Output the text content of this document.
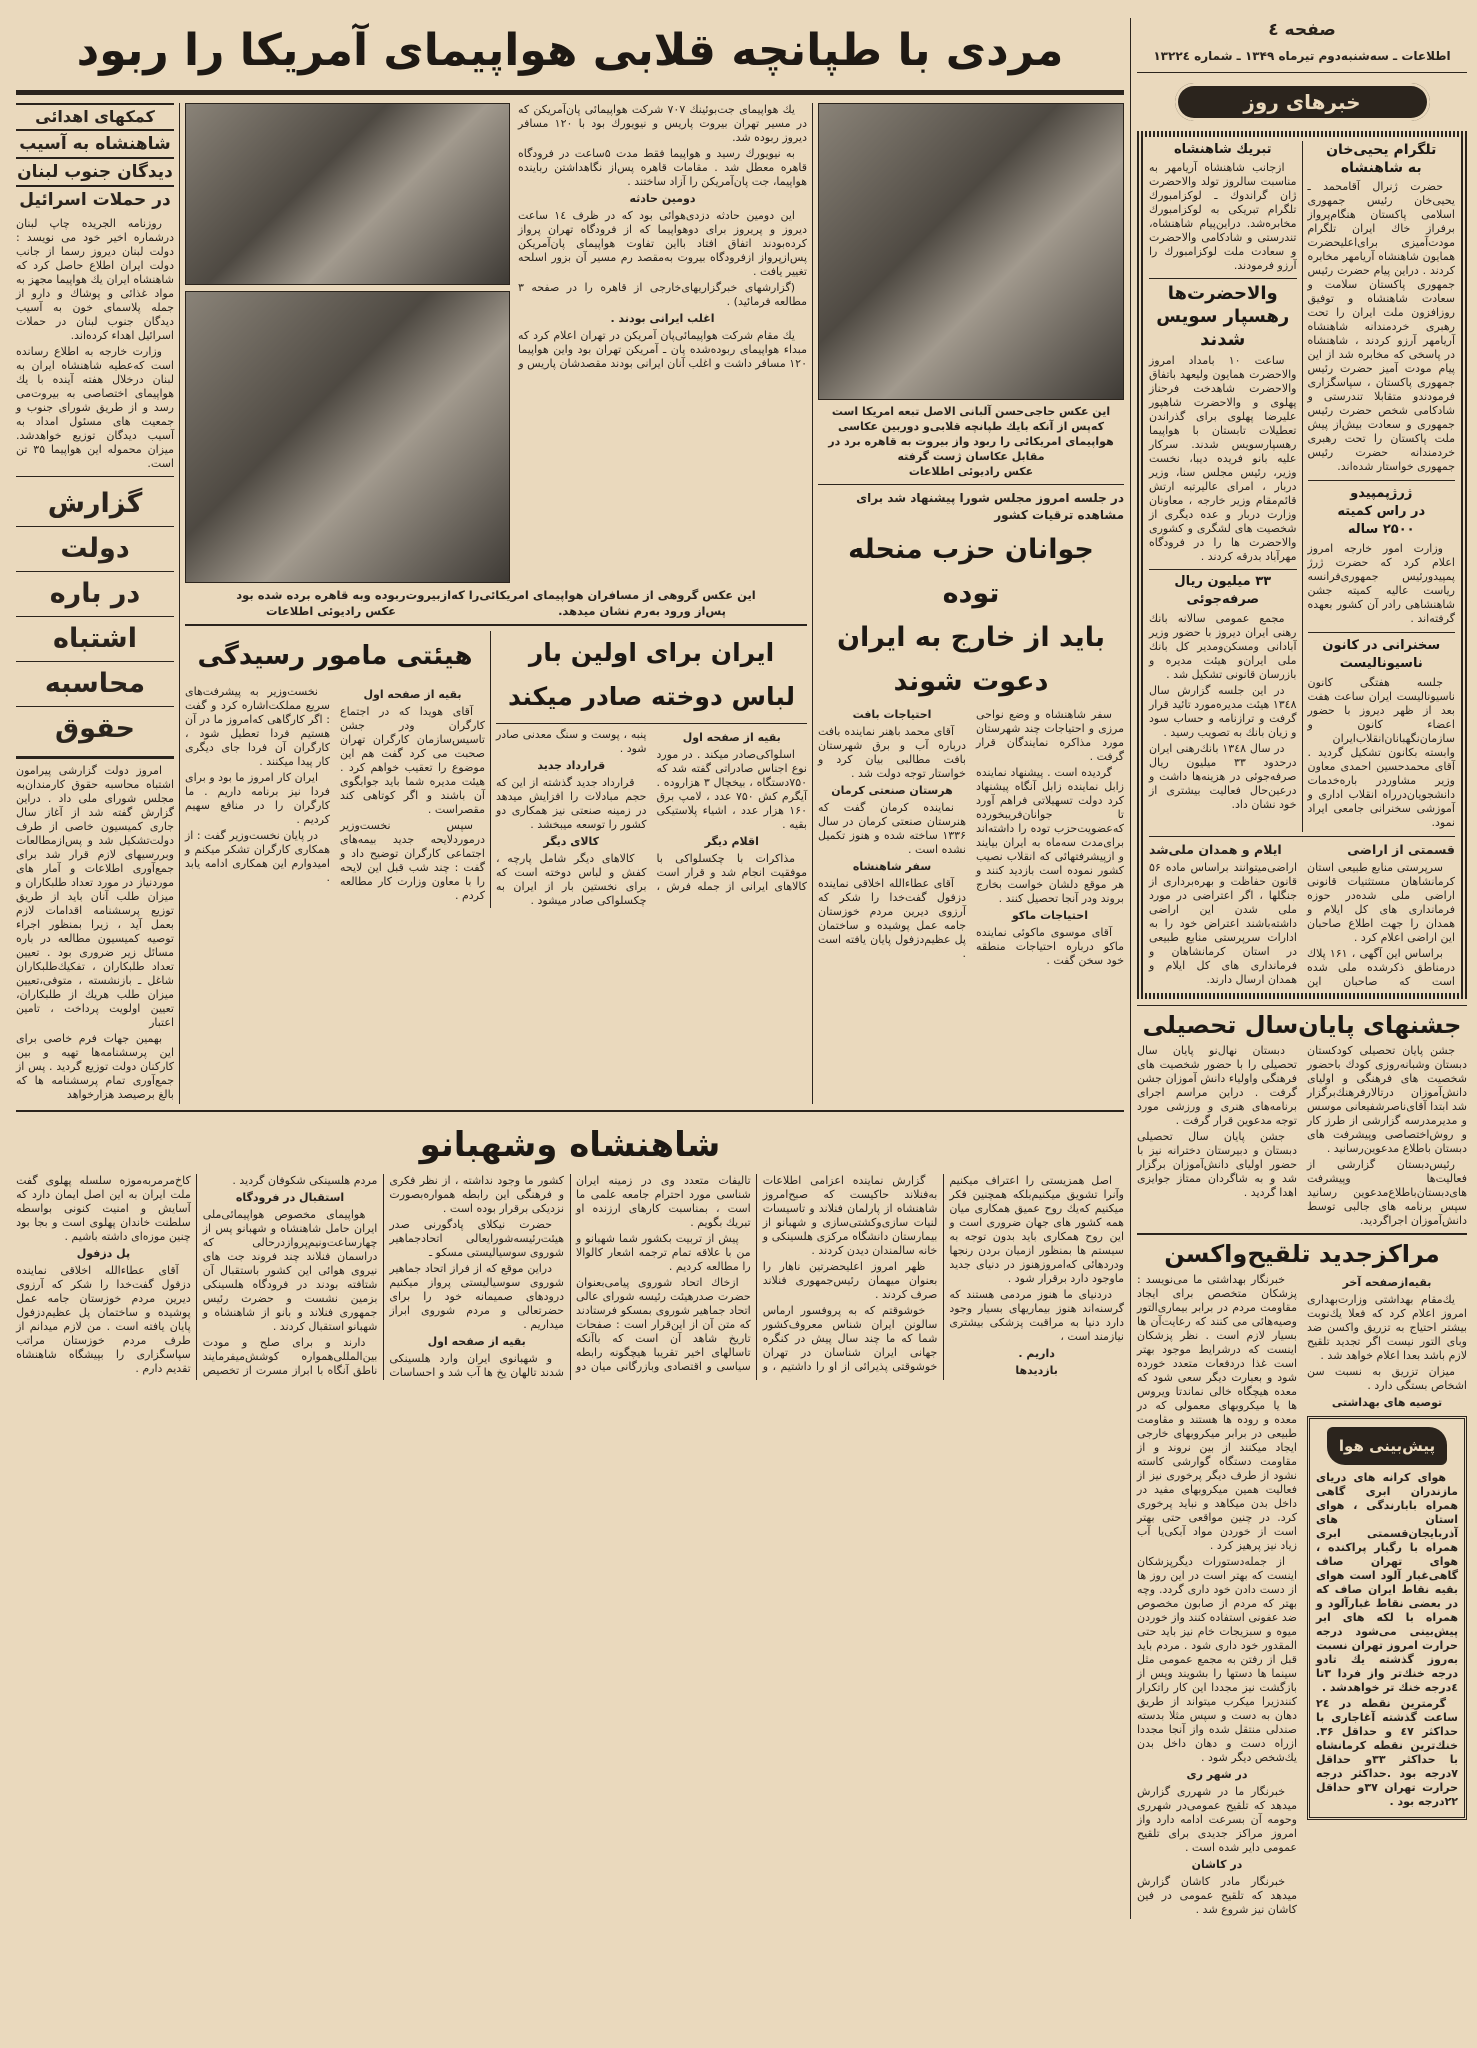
صفحه ٤
اطلاعات ـ سه‌شنبه‌دوم تیرماه ۱۳۴۹ ـ شماره ۱۳۲۲٤
خبرهای روز
تلگرام یحیی‌خان
به شاهنشاه

حضرت ژنرال آقامحمد ـ یحیی‌خان رئیس جمهوری اسلامی پاکستان هنگام‌پرواز برفراز خاك ایران تلگرام مودت‌آمیزی برای‌اعلیحضرت همایون شاهنشاه آریامهر مخابره کردند . دراین پیام حضرت رئیس جمهوری پاکستان سلامت و سعادت شاهنشاه و توفیق روزافزون ملت ایران را تحت رهبری خردمندانه شاهنشاه آریامهر آرزو کردند ، شاهنشاه در پاسخی که مخابره شد از این پیام مودت آمیز حضرت رئیس جمهوری پاکستان ، سپاسگزاری فرمودندو متقابلا تندرستی و شادکامی شخص حضرت رئیس جمهوری و سعادت بیش‌از پیش ملت پاکستان را تحت رهبری خردمندانه حضرت رئیس جمهوری خواستار شده‌اند.

ژرژپمپیدو
در راس کمیته
۲۵۰۰ ساله

وزارت امور خارجه امروز اعلام کرد که حضرت ژرژ پمپیدورئیس جمهوری‌فرانسه ریاست عالیه کمیته جشن شاهنشاهی رادر آن کشور بعهده گرفته‌اند .

سخنرانی در کانون
ناسیونالیست

جلسه هفتگی کانون ناسیونالیست ایران ساعت هفت بعد از ظهر دیروز با حضور اعضاء کانون و سازمان‌نگهبانان‌انقلاب‌ایران وابسته بکانون تشکیل گردید . آقای محمدحسین احمدی معاون وزیر مشاوردر باره‌خدمات دانشجویان‌درراه انقلاب اداری و آموزشی سخنرانی جامعی ایراد نمود.

تبریك شاهنشاه

ازجانب شاهنشاه آریامهر به مناسبت سالروز تولد والاحضرت ژان گراندوك ـ لوکزامبورك تلگرام تبریکی به لوکزامبورك مخابره‌شد. دراین‌پیام شاهنشاه، تندرستی و شادکامی والاحضرت و سعادت ملت لوکزامبورك را آرزو فرمودند.

والاحضرت‌ها
رهسپار سویس
شدند

ساعت ۱۰ بامداد امروز والاحضرت همایون ولیعهد باتفاق والاحضرت شاهدخت فرحناز پهلوی و والاحضرت شاهپور علیرضا پهلوی برای گذراندن تعطیلات تابستان با هواپیما رهسپارسویس شدند. سرکار علیه بانو فریده دیبا، نخست وزیر، رئیس مجلس سنا، وزیر دربار ، امرای عالیرتبه ارتش قائم‌مقام وزیر خارجه ، معاونان وزارت دربار و عده دیگری از شخصیت های لشگری و کشوری والاحضرت ها را در فرودگاه مهرآباد بدرقه کردند .

۳۳ میلیون ریال
صرفه‌جوئی

مجمع عمومی سالانه بانك رهنی ایران دیروز با حضور وزیر آبادانی ومسکن‌ومدیر کل بانك ملی ایران‌و هیئت مدیره و بازرسان قانونی تشکیل شد .

در این جلسه گزارش سال ۱۳٤۸ هیئت مدیره‌مورد تائید قرار گرفت و ترازنامه و حساب سود و زیان بانك به تصویب رسید .

در سال ۱۳٤۸ بانك‌رهنی ایران درحدود ۳۳ میلیون ریال صرفه‌جوئی در هزینه‌ها داشت و درعین‌حال فعالیت بیشتری از خود نشان داد.

قسمتی از اراضی
ایلام و همدان ملی‌شد

سرپرستی منابع طبیعی استان کرمانشاهان مستثنیات قانونی اراضی ملی شده‌در حوزه فرمانداری های کل ایلام و همدان را جهت اطلاع صاحبان این اراضی اعلام کرد .

براساس این آگهی ، ۱۶۱ پلاك درمناطق ذکرشده ملی شده است که صاحبان این اراضی‌میتوانند براساس ماده ۵۶ قانون حفاظت و بهره‌برداری از جنگلها ، اگر اعتراضی در مورد ملی شدن این اراضی داشته‌باشند اعتراض خود را به ادارات سرپرستی منابع طبیعی در استان کرمانشاهان و فرمانداری های کل ایلام و همدان ارسال دارند.

جشنهای پایان‌سال تحصیلی

جشن پایان تحصیلی کودکستان دبستان وشبانه‌روزی کودك باحضور شخصیت های فرهنگی و اولیای دانش‌آموزان درتالارفرهنك‌برگزار شد ابتدا آقای‌ناصرشفیعانی موسس و مدیرمدرسه گزارشی از طرز کار و روش‌اختصاصی وپیشرفت های دبستان باطلاع مدعوین‌رسانید .

رئیس‌دبستان گزارشی از فعالیت‌ها وپیشرفت های‌دبستان‌باطلاع‌مدعوین رسانید سپس برنامه های جالبی توسط دانش‌آموزان اجراگردید.

دبستان نهال‌نو پایان سال تحصیلی را با حضور شخصیت های فرهنگی واولیاء دانش آموزان جشن گرفت . دراین مراسم اجرای برنامه‌های هنری و ورزشی مورد توجه مدعوین قرار گرفت .

جشن پایان سال تحصیلی دبستان و دبیرستان دخترانه نیز با حضور اولیای دانش‌آموزان برگزار شد و به شاگردان ممتاز جوایزی اهدا گردید .

مراکزجدید تلقیح‌واکسن

بقیه‌ازصفحه آخر

یك‌مقام بهداشتی وزارت‌بهداری امروز اعلام کرد که فعلا یك‌نوبت بیشتر احتیاج به تزریق واکسن ضد وبای التور نیست اگر تجدید تلقیح لازم باشد بعدا اعلام خواهد شد .

میزان تزریق به نسبت سن اشخاص بستگی دارد .

توصیه های بهداشتی

پیش‌بینی هوا

هوای کرانه های دریای مازندران ابری گاهی همراه بابارندگی ، هوای استان های آذربایجان‌قسمتی ابری همراه با رگبار پراکنده ، هوای تهران صاف گاهی‌غبار آلود است هوای بقیه نقاط ایران صاف که در بعضی نقاط غبارآلود و همراه با لکه های ابر پیش‌بینی می‌شود درجه حرارت امروز تهران نسبت به‌روز گذشته یك تادو درجه خنك‌تر واز فردا ۳تا ٤درجه خنك تر خواهدشد .

گرمترین نقطه در ۲٤ ساعت گذشته آغاجاری با حداکثر ٤۷ و حداقل ۳۶. خنك‌ترین نقطه کرمانشاه با حداکثر ۳۳و حداقل ۷درجه بود .حداکثر درجه حرارت تهران ۳۷و حداقل ۲۲درجه بود .

خبرنگار بهداشتی ما می‌نویسد : پزشکان متخصص برای ایجاد مقاومت مردم در برابر بیماری‌التور وصیه‌هائی می کنند که رعایت‌آن ها بسیار لازم است . نظر پزشکان اینست که درشرایط موجود بهتر است غذا دردفعات متعدد خورده شود و بعبارت دیگر سعی شود که معده هیچگاه خالی نماندتا ویروس ها یا میکروبهای معمولی که در معده و روده ها هستند و مقاومت طبیعی در برابر میکروبهای خارجی ایجاد میکنند از بین نروند و از مقاومت دستگاه گوارشی کاسته نشود از طرف دیگر پرخوری نیز از فعالیت همین میکروبهای مفید در داخل بدن میکاهد و نباید پرخوری کرد. در چنین مواقعی حتی بهتر است از خوردن مواد آبکی‌یا آب زیاد نیز پرهیز کرد .

از جمله‌دستورات دیگرپزشکان اینست که بهتر است در این روز ها از دست دادن خود داری گردد. وچه بهتر که مردم از صابون مخصوص ضد عفونی استفاده کنند واز خوردن میوه و سبزیجات خام نیز باید حتی المقدور خود داری شود . مردم باید قبل از رفتن به مجمع عمومی مثل سینما ها دستها را بشویند وپس از بازگشت نیز مجددا این کار راتکرار کنندزیرا میکرب میتواند از طریق دهان به دست و سپس مثلا بدسته صندلی منتقل شده واز آنجا مجددا ازراه دست و دهان داخل بدن یك‌شخص دیگر شود .

در شهر ری

خبرنگار ما در شهرری گزارش میدهد که تلقیح عمومی‌در شهرری وحومه آن بسرعت ادامه دارد واز امروز مراکز جدیدی برای تلقیح عمومی دایر شده است .

در کاشان

خبرنگار مادر کاشان گزارش میدهد که تلقیح عمومی در فین کاشان نیز شروع شد .

مردی با طپانچه قلابی هواپیمای آمریکا را ربود
این عکس حاجی‌حسن آلبانی الاصل تبعه امریکا است که‌پس از آنکه بایك طپانچه قلابی‌و دوربین عکاسی هواپیمای امریکائی را ربود واز بیروت به قاهره برد در مقابل عکاسان ژست گرفته
عکس رادیوئی اطلاعات
در جلسه امروز مجلس شورا پیشنهاد شد برای مشاهده ترقیات کشور
جوانان حزب منحله توده
باید از خارج به ایران
دعوت شوند

سفر شاهنشاه و وضع نواحی مرزی و احتیاجات چند شهرستان مورد مذاکره نمایندگان قرار گرفت .

گردیده است . پیشنهاد نماینده زابل نماینده زابل آنگاه پیشنهاد کرد دولت تسهیلاتی فراهم آورد تا جوانان‌فریبخورده که‌عضویت‌حزب توده را داشته‌اند برای‌مدت سه‌ماه به ایران بیایند و ازپیشرفتهائی که انقلاب نصیب کشور نموده است بازدید کنند و هر موقع دلشان خواست بخارج بروند ودر آنجا تحصیل کنند .

احتیاجات ماکو

آقای موسوی ماکوئی نماینده ماکو درباره احتیاجات منطقه خود سخن گفت .

احتیاجات بافت

آقای محمد باهنر نماینده بافت درباره آب و برق شهرستان بافت مطالبی بیان کرد و خواستار توجه دولت شد .

هرستان صنعتی کرمان

نماینده کرمان گفت که هنرستان صنعتی کرمان در سال ۱۳۳۶ ساخته شده و هنوز تکمیل نشده است .

سفر شاهنشاه

آقای عطاءالله اخلاقی نماینده دزفول گفت‌خدا را شکر که آرزوی دیرین مردم خوزستان جامه عمل پوشیده و ساختمان پل عظیم‌دزفول پایان یافته است .

یك هواپیمای جت‌بوئینك ۷۰۷ شرکت هواپیمائی پان‌آمریکن که در مسیر تهران بیروت پاریس و نیویورك بود با ۱۲۰ مسافر دیروز ربوده شد.

به نیویورك رسید و هواپیما فقط مدت ۵ساعت در فرودگاه قاهره معطل شد . مقامات قاهره پس‌از نگاهداشتن رباینده هواپیما، جت پان‌آمریکن را آزاد ساختند .

دومین حادثه

این دومین حادثه دزدی‌هوائی بود که در ظرف ۱٤ ساعت دیروز و پریروز برای دوهواپیما که از فرودگاه تهران پرواز کرده‌بودند اتفاق افتاد بااین تفاوت هواپیمای پان‌آمریکن پس‌ازپرواز ازفرودگاه بیروت به‌مقصد رم مسیر آن بزور اسلحه تغییر یافت .

(گزارشهای خبرگزاریهای‌خارجی از قاهره را در صفحه ۳ مطالعه فرمائید) .

اغلب ایرانی بودند .

یك مقام شرکت هواپیمائی‌پان آمریکن در تهران اعلام کرد که مبداء هواپیمای ربوده‌شده پان ـ آمریکن تهران بود واین هواپیما ۱۲۰ مسافر داشت و اغلب آنان ایرانی بودند مقصدشان پاریس و

این عکس گروهی از مسافران هواپیمای امریکائی‌را که‌ازبیروت‌ربوده وبه قاهره برده شده بود
پس‌از ورود به‌رم نشان میدهد.
عکس رادیوئی اطلاعات
ایران برای اولین بار
لباس دوخته صادر میکند

بقیه از صفحه اول

اسلواکی‌صادر میکند . در مورد نوع اجناس صادراتی گفته شد که ۷۵۰دستگاه ، بیخچال ۳ هزاروده . آیگرم کش ۷۵۰ عدد ، لامپ برق ۱۶۰ هزار عدد ، اشیاء پلاستیکی بقیه .

اقلام دیگر

مذاکرات با چکسلواکی با موفقیت انجام شد و قرار است کالاهای ایرانی از جمله فرش ، پنبه ، پوست و سنگ معدنی صادر شود .

قرارداد جدید

قرارداد جدید گذشته از این که حجم مبادلات را افزایش میدهد در زمینه صنعتی نیز همکاری دو کشور را توسعه میبخشد .

کالای دیگر

کالاهای دیگر شامل پارچه ، کفش و لباس دوخته است که برای نخستین بار از ایران به چکسلواکی صادر میشود .

هیئتی مامور رسیدگی

بقیه از صفحه اول

آقای هویدا که در اجتماع کارگران ودر جشن تاسیس‌سازمان کارگران تهران صحبت می کرد گفت هم این موضوع را تعقیب خواهم کرد . هیئت مدیره شما باید جوابگوی آن باشند و اگر کوتاهی کند مقصراست .

سپس نخست‌وزیر درمورد‌لایحه جدید بیمه‌های اجتماعی کارگران توضیح داد و گفت : چند شب قبل این لایحه را با معاون وزارت کار مطالعه کردم .

نخست‌وزیر به پیشرفت‌های سریع مملکت‌اشاره کرد و گفت : اگر کارگاهی که‌امروز ما در آن هستیم فردا تعطیل شود ، کارگران آن فردا جای دیگری کار پیدا میکنند .

ایران کار امروز ما بود و برای فردا نیز برنامه داریم . ما کارگران را در منافع سهیم کردیم .

در پایان نخست‌وزیر گفت : از همکاری کارگران تشکر میکنم و امیدوارم این همکاری ادامه یابد .

کمکهای اهدائی
شاهنشاه به آسیب
دیدگان جنوب لبنان
در حملات اسرائیل

روزنامه الجریده چاپ لبنان درشماره اخیر خود می نویسد : دولت لبنان دیروز رسما از جانب دولت ایران اطلاع حاصل کرد که شاهنشاه ایران یك هواپیما مجهز به مواد غذائی و پوشاك و دارو از جمله پلاسمای خون به آسیب دیدگان جنوب لبنان در حملات اسرائیل اهداء کرده‌اند.

وزارت خارجه به اطلاع رسانده است که‌عطیه شاهنشاه ایران به لبنان درخلال هفته آینده با یك هواپیمای اختصاصی به بیروت‌می رسد و از طریق شورای جنوب و جمعیت های مسئول امداد به آسیب دیدگان توزیع خواهدشد. میزان محموله این هواپیما ۳۵ تن است.

گزارش
دولت
در باره
اشتباه
محاسبه
حقوق

امروز دولت گزارشی پیرامون اشتباه محاسبه حقوق کارمندان‌به مجلس شورای ملی داد . دراین گزارش گفته شد از آغاز سال جاری کمیسیون خاصی از طرف دولت‌تشکیل شد و پس‌ازمطالعات وبررسیهای لازم قرار شد برای جمع‌آوری اطلاعات و آمار های موردنیاز در مورد تعداد طلبکاران و میزان طلب آنان باید از طریق توزیع پرسشنامه اقدامات لازم بعمل آید ، زیرا بمنظور اجراء توصیه کمیسیون مطالعه در باره مسائل زیر ضروری بود . تعیین تعداد طلبکاران ، تفکیك‌طلبکاران شاغل ـ بازنشسته ، متوفی،تعیین میزان طلب هریك از طلبکاران، تعیین اولویت پرداخت ، تامین اعتبار

بهمین جهات فرم خاصی برای این پرسشنامه‌ها تهیه و بین کارکنان دولت توزیع گردید . پس از جمع‌آوری تمام پرسشنامه ها که بالغ برصیصد هزارخواهد

شاهنشاه وشهبانو

اصل همزیستی را اعتراف میکنیم وآنرا تشویق میکنیم‌بلکه همچنین فکر میکنیم که‌یك روح عمیق همکاری میان همه کشور های جهان ضروری است و این روح همکاری باید بدون توجه به سیستم ها بمنظور ازمیان بردن رنجها ودردهائی که‌امروزهنوز در دنیای جدید ماوجود دارد برقرار شود .

دردنیای ما هنوز مردمی هستند که گرسنه‌اند هنوز بیماریهای بسیار وجود دارد دنیا به مراقبت پزشکی بیشتری نیازمند است ،

داریم .

بازدیدها

گزارش نماینده اعزامی اطلاعات به‌فنلاند حاکیست که صبح‌امروز شاهنشاه از پارلمان فنلاند و تاسیسات لنیات سازی‌وکشتی‌سازی و شهبانو از بیمارستان دانشگاه مرکزی هلسینکی و خانه سالمندان دیدن کردند .

ظهر امروز اعلیحضرتین ناهار را بعنوان میهمان رئیس‌جمهوری فنلاند صرف کردند .

خوشوقتم که به پروفسور ارماس سالونن ایران شناس معروف‌کشور شما که ما چند سال پیش در کنگره جهانی ایران شناسان در تهران خوشوقتی پذیرائی از او را داشتیم ، و تالیفات متعدد وی در زمینه ایران شناسی مورد احترام جامعه علمی ما است ، بمناسبت کارهای ارزنده او تبریك بگویم .

پیش از تربیت بکشور شما شهبانو و من با علاقه تمام ترجمه اشعار کالوالا را مطالعه کردیم .

ازخاك اتحاد شوروی پیامی‌بعنوان حضرت صدرهیئت رئیسه شورای عالی اتحاد جماهیر شوروی بمسکو فرستادند که متن آن از این‌قرار است : صفحات تاریخ شاهد آن است که باآنکه تاسالهای اخیر تقریبا هیچگونه رابطه سیاسی و اقتصادی وبازرگانی میان دو کشور ما وجود نداشته ، از نظر فکری و فرهنگی این رابطه همواره‌بصورت نزدیکی برقرار بوده است .

حضرت نیکلای پادگورنی صدر هیئت‌رئیسه‌شورایعالی اتحادجماهیر شوروی سوسیالیستی مسکو ـ

دراین موقع که از فراز اتحاد جماهیر شوروی سوسیالیستی پرواز میکنیم درودهای صمیمانه خود را برای حضرتعالی و مردم شوروی ابراز میداریم .

بقیه از صفحه اول

و شهبانوی ایران وارد هلسینکی شدند تا‌لهان یخ ها آب شد و احساسات مردم هلسینکی شکوفان گردید .

استقبال در فرودگاه

هواپیمای مخصوص هواپیمائی‌ملی ایران حامل شاهنشاه و شهبانو پس از چهارساعت‌ونیم‌پرواز‌درحالی که دراسمان فنلاند چند فروند جت های نیروی هوائی این کشور باستقبال آن شتافته بودند در فرودگاه هلسینکی بزمین نشست و حضرت رئیس جمهوری فنلاند و بانو از شاهنشاه و شهبانو استقبال کردند .

دارند و برای صلح و مودت بین‌المللی‌همواره کوشش‌میفرمایند ناطق آنگاه با ابراز مسرت از تخصیص کاخ‌مرمر‌به‌موزه سلسله پهلوی گفت ملت ایران به این اصل ایمان دارد که آسایش و امنیت کنونی بواسطه سلطنت خاندان پهلوی است و بجا بود چنین موزه‌ای داشته باشیم .

پل دزفول

آقای عطاءالله اخلاقی نماینده دزفول گفت‌خدا را شکر که آرزوی دیرین مردم خوزستان جامه عمل پوشیده و ساختمان پل عظیم‌دزفول پایان یافته است . من لازم میدانم از طرف مردم خوزستان مراتب سپاسگزاری را بپیشگاه شاهنشاه تقدیم دارم .
